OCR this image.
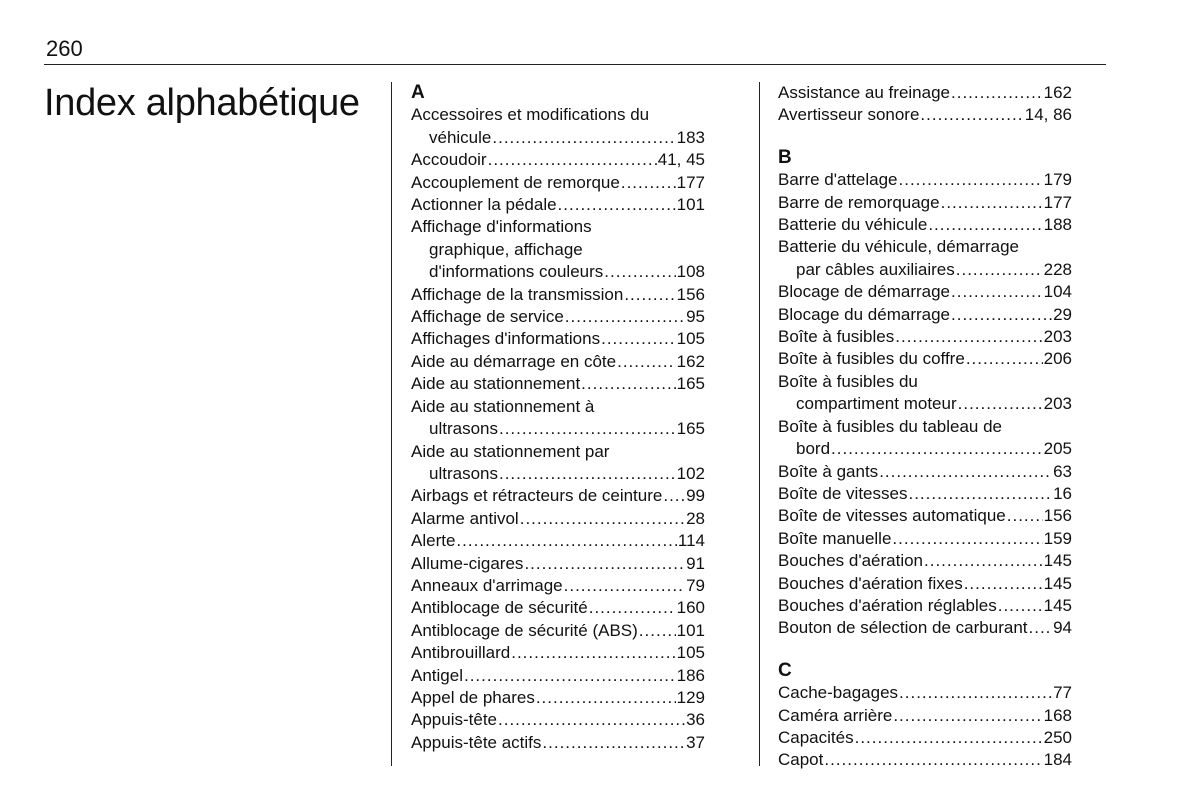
260
Index alphabétique	A
Accessoires et modifications du
véhicule .....	183
Accoudoir .....	41, 45
Accouplement de remorque .....	177
Actionner la pédale .....	101
Affichage d'informations
graphique, affichage
d'informations couleurs .....	108
Affichage de la transmission .....	156
Affichage de service .....	95
Affichages d'informations .....	105
Aide au démarrage en côte .....	162
Aide au stationnement .....	165
Aide au stationnement à
ultrasons .....	165
Aide au stationnement par
ultrasons .....	102
Airbags et rétracteurs de ceinture ..... 99
Alarme antivol .....	28
Alerte .....	114
Allume-cigares .....	91
Anneaux d'arrimage .....	79
Antiblocage de sécurité .....	160
Antiblocage de sécurité (ABS) ..... 101
Antibrouillard .....	105
Antigel .....	186
Appel de phares .....	129
Appuis-tête .....	36
Appuis-tête actifs .....	37
Assistance au freinage .....	162
Avertisseur sonore .....	14, 86
B
Barre d'attelage .....	179
Barre de remorquage .....	177
Batterie du véhicule .....	188
Batterie du véhicule, démarrage
par câbles auxiliaires .....	228
Blocage de démarrage .....	104
Blocage du démarrage .....	29
Boîte à fusibles .....	203
Boîte à fusibles du coffre .....	206
Boîte à fusibles du
compartiment moteur .....	203
Boîte à fusibles du tableau de
bord .....	205
Boîte à gants .....	63
Boîte de vitesses .....	16
Boîte de vitesses automatique ..... 156
Boîte manuelle .....	159
Bouches d'aération .....	145
Bouches d'aération fixes .....	145
Bouches d'aération réglables .....	145
Bouton de sélection de carburant ..... 94
C
Cache-bagages .....	77
Caméra arrière .....	168
Capacités .....	250
Capot .....	184
